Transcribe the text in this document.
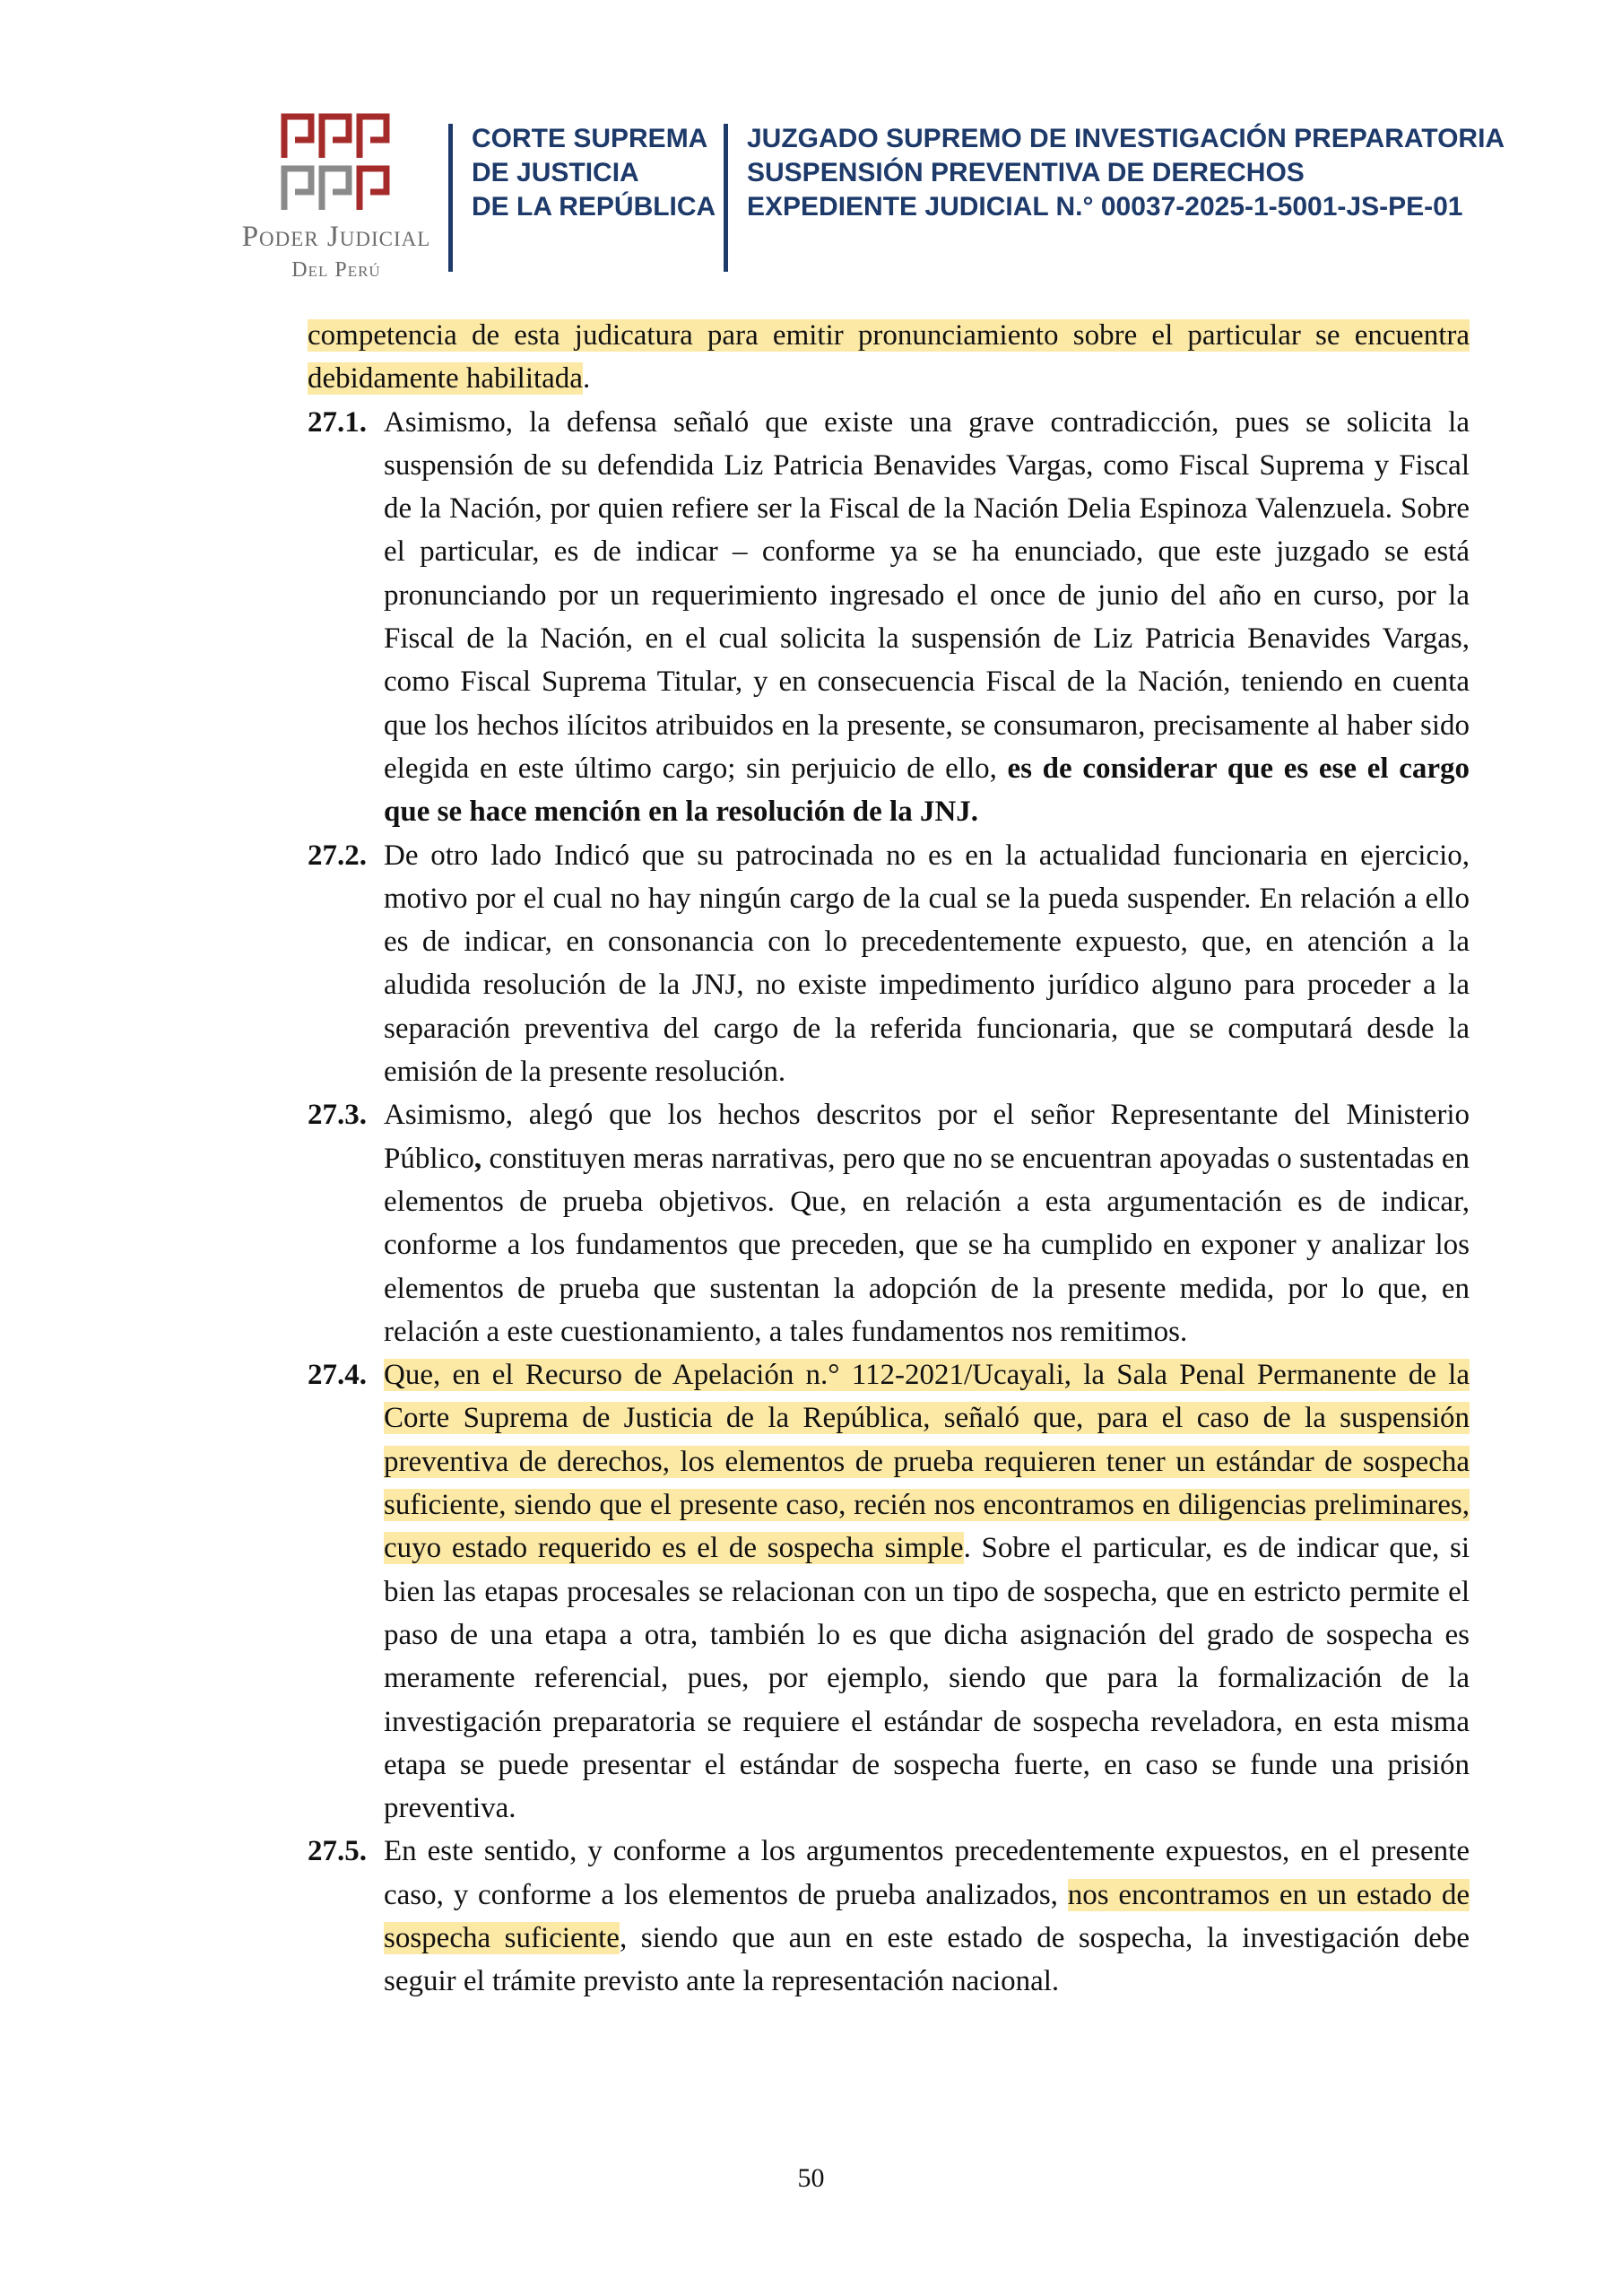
Poder Judicial
Del Perú
CORTE SUPREMA
DE JUSTICIA
DE LA REPÚBLICA
JUZGADO SUPREMO DE INVESTIGACIÓN PREPARATORIA
SUSPENSIÓN PREVENTIVA DE DERECHOS
EXPEDIENTE JUDICIAL N.° 00037-2025-1-5001-JS-PE-01
competencia de esta judicatura para emitir pronunciamiento sobre el particular se encuentra debidamente habilitada.
27.1. Asimismo, la defensa señaló que existe una grave contradicción, pues se solicita la suspensión de su defendida Liz Patricia Benavides Vargas, como Fiscal Suprema y Fiscal de la Nación, por quien refiere ser la Fiscal de la Nación Delia Espinoza Valenzuela. Sobre el particular, es de indicar – conforme ya se ha enunciado, que este juzgado se está pronunciando por un requerimiento ingresado el once de junio del año en curso, por la Fiscal de la Nación, en el cual solicita la suspensión de Liz Patricia Benavides Vargas, como Fiscal Suprema Titular, y en consecuencia Fiscal de la Nación, teniendo en cuenta que los hechos ilícitos atribuidos en la presente, se consumaron, precisamente al haber sido elegida en este último cargo; sin perjuicio de ello, es de considerar que es ese el cargo que se hace mención en la resolución de la JNJ.
27.2. De otro lado Indicó que su patrocinada no es en la actualidad funcionaria en ejercicio, motivo por el cual no hay ningún cargo de la cual se la pueda suspender. En relación a ello es de indicar, en consonancia con lo precedentemente expuesto, que, en atención a la aludida resolución de la JNJ, no existe impedimento jurídico alguno para proceder a la separación preventiva del cargo de la referida funcionaria, que se computará desde la emisión de la presente resolución.
27.3. Asimismo, alegó que los hechos descritos por el señor Representante del Ministerio Público, constituyen meras narrativas, pero que no se encuentran apoyadas o sustentadas en elementos de prueba objetivos. Que, en relación a esta argumentación es de indicar, conforme a los fundamentos que preceden, que se ha cumplido en exponer y analizar los elementos de prueba que sustentan la adopción de la presente medida, por lo que, en relación a este cuestionamiento, a tales fundamentos nos remitimos.
27.4. Que, en el Recurso de Apelación n.° 112-2021/Ucayali, la Sala Penal Permanente de la Corte Suprema de Justicia de la República, señaló que, para el caso de la suspensión preventiva de derechos, los elementos de prueba requieren tener un estándar de sospecha suficiente, siendo que el presente caso, recién nos encontramos en diligencias preliminares, cuyo estado requerido es el de sospecha simple. Sobre el particular, es de indicar que, si bien las etapas procesales se relacionan con un tipo de sospecha, que en estricto permite el paso de una etapa a otra, también lo es que dicha asignación del grado de sospecha es meramente referencial, pues, por ejemplo, siendo que para la formalización de la investigación preparatoria se requiere el estándar de sospecha reveladora, en esta misma etapa se puede presentar el estándar de sospecha fuerte, en caso se funde una prisión preventiva.
27.5. En este sentido, y conforme a los argumentos precedentemente expuestos, en el presente caso, y conforme a los elementos de prueba analizados, nos encontramos en un estado de sospecha suficiente, siendo que aun en este estado de sospecha, la investigación debe seguir el trámite previsto ante la representación nacional.
50
